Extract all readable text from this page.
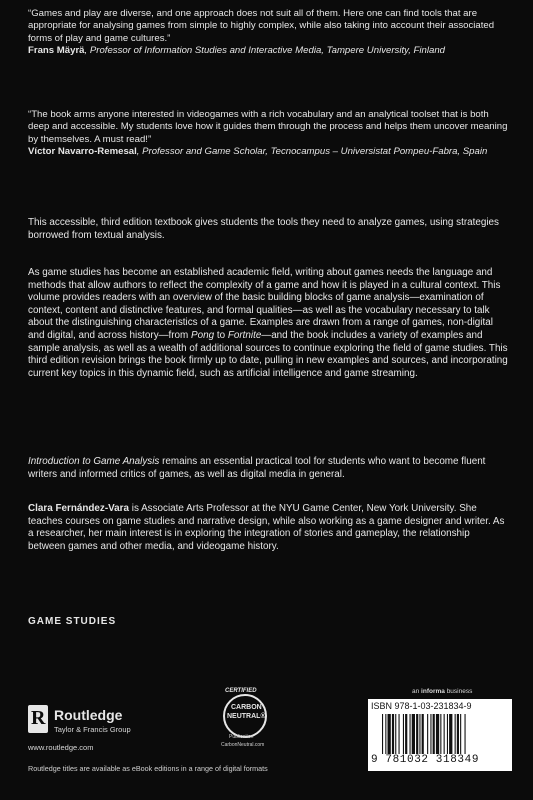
“Games and play are diverse, and one approach does not suit all of them. Here one can find tools that are appropriate for analysing games from simple to highly complex, while also taking into account their associated forms of play and game cultures.”

Frans Mäyrä, Professor of Information Studies and Interactive Media, Tampere University, Finland

“The book arms anyone interested in videogames with a rich vocabulary and an analytical toolset that is both deep and accessible. My students love how it guides them through the process and helps them uncover meaning by themselves. A must read!”

Víctor Navarro-Remesal, Professor and Game Scholar, Tecnocampus – Universistat Pompeu-Fabra, Spain

This accessible, third edition textbook gives students the tools they need to analyze games, using strategies borrowed from textual analysis.

As game studies has become an established academic field, writing about games needs the language and methods that allow authors to reflect the complexity of a game and how it is played in a cultural context. This volume provides readers with an overview of the basic building blocks of game analysis—examination of context, content and distinctive features, and formal qualities—as well as the vocabulary necessary to talk about the distinguishing characteristics of a game. Examples are drawn from a range of games, non-digital and digital, and across history—from Pong to Fortnite—and the book includes a variety of examples and sample analysis, as well as a wealth of additional sources to continue exploring the field of game studies. This third edition revision brings the book firmly up to date, pulling in new examples and sources, and incorporating current key topics in this dynamic field, such as artificial intelligence and game streaming.

Introduction to Game Analysis remains an essential practical tool for students who want to become fluent writers and informed critics of games, as well as digital media in general.

Clara Fernández-Vara is Associate Arts Professor at the NYU Game Center, New York University. She teaches courses on game studies and narrative design, while also working as a game designer and writer. As a researcher, her main interest is in exploring the integration of stories and gameplay, the relationship between games and other media, and videogame history.

GAME STUDIES
R Routledge
Taylor & Francis Group
www.routledge.com
Routledge titles are available as eBook editions in a range of digital formats
CERTIFIED
CARBON
NEUTRAL®
Publication
CarbonNeutral.com
an informa business
ISBN 978-1-03-231834-9
9 781032 318349
